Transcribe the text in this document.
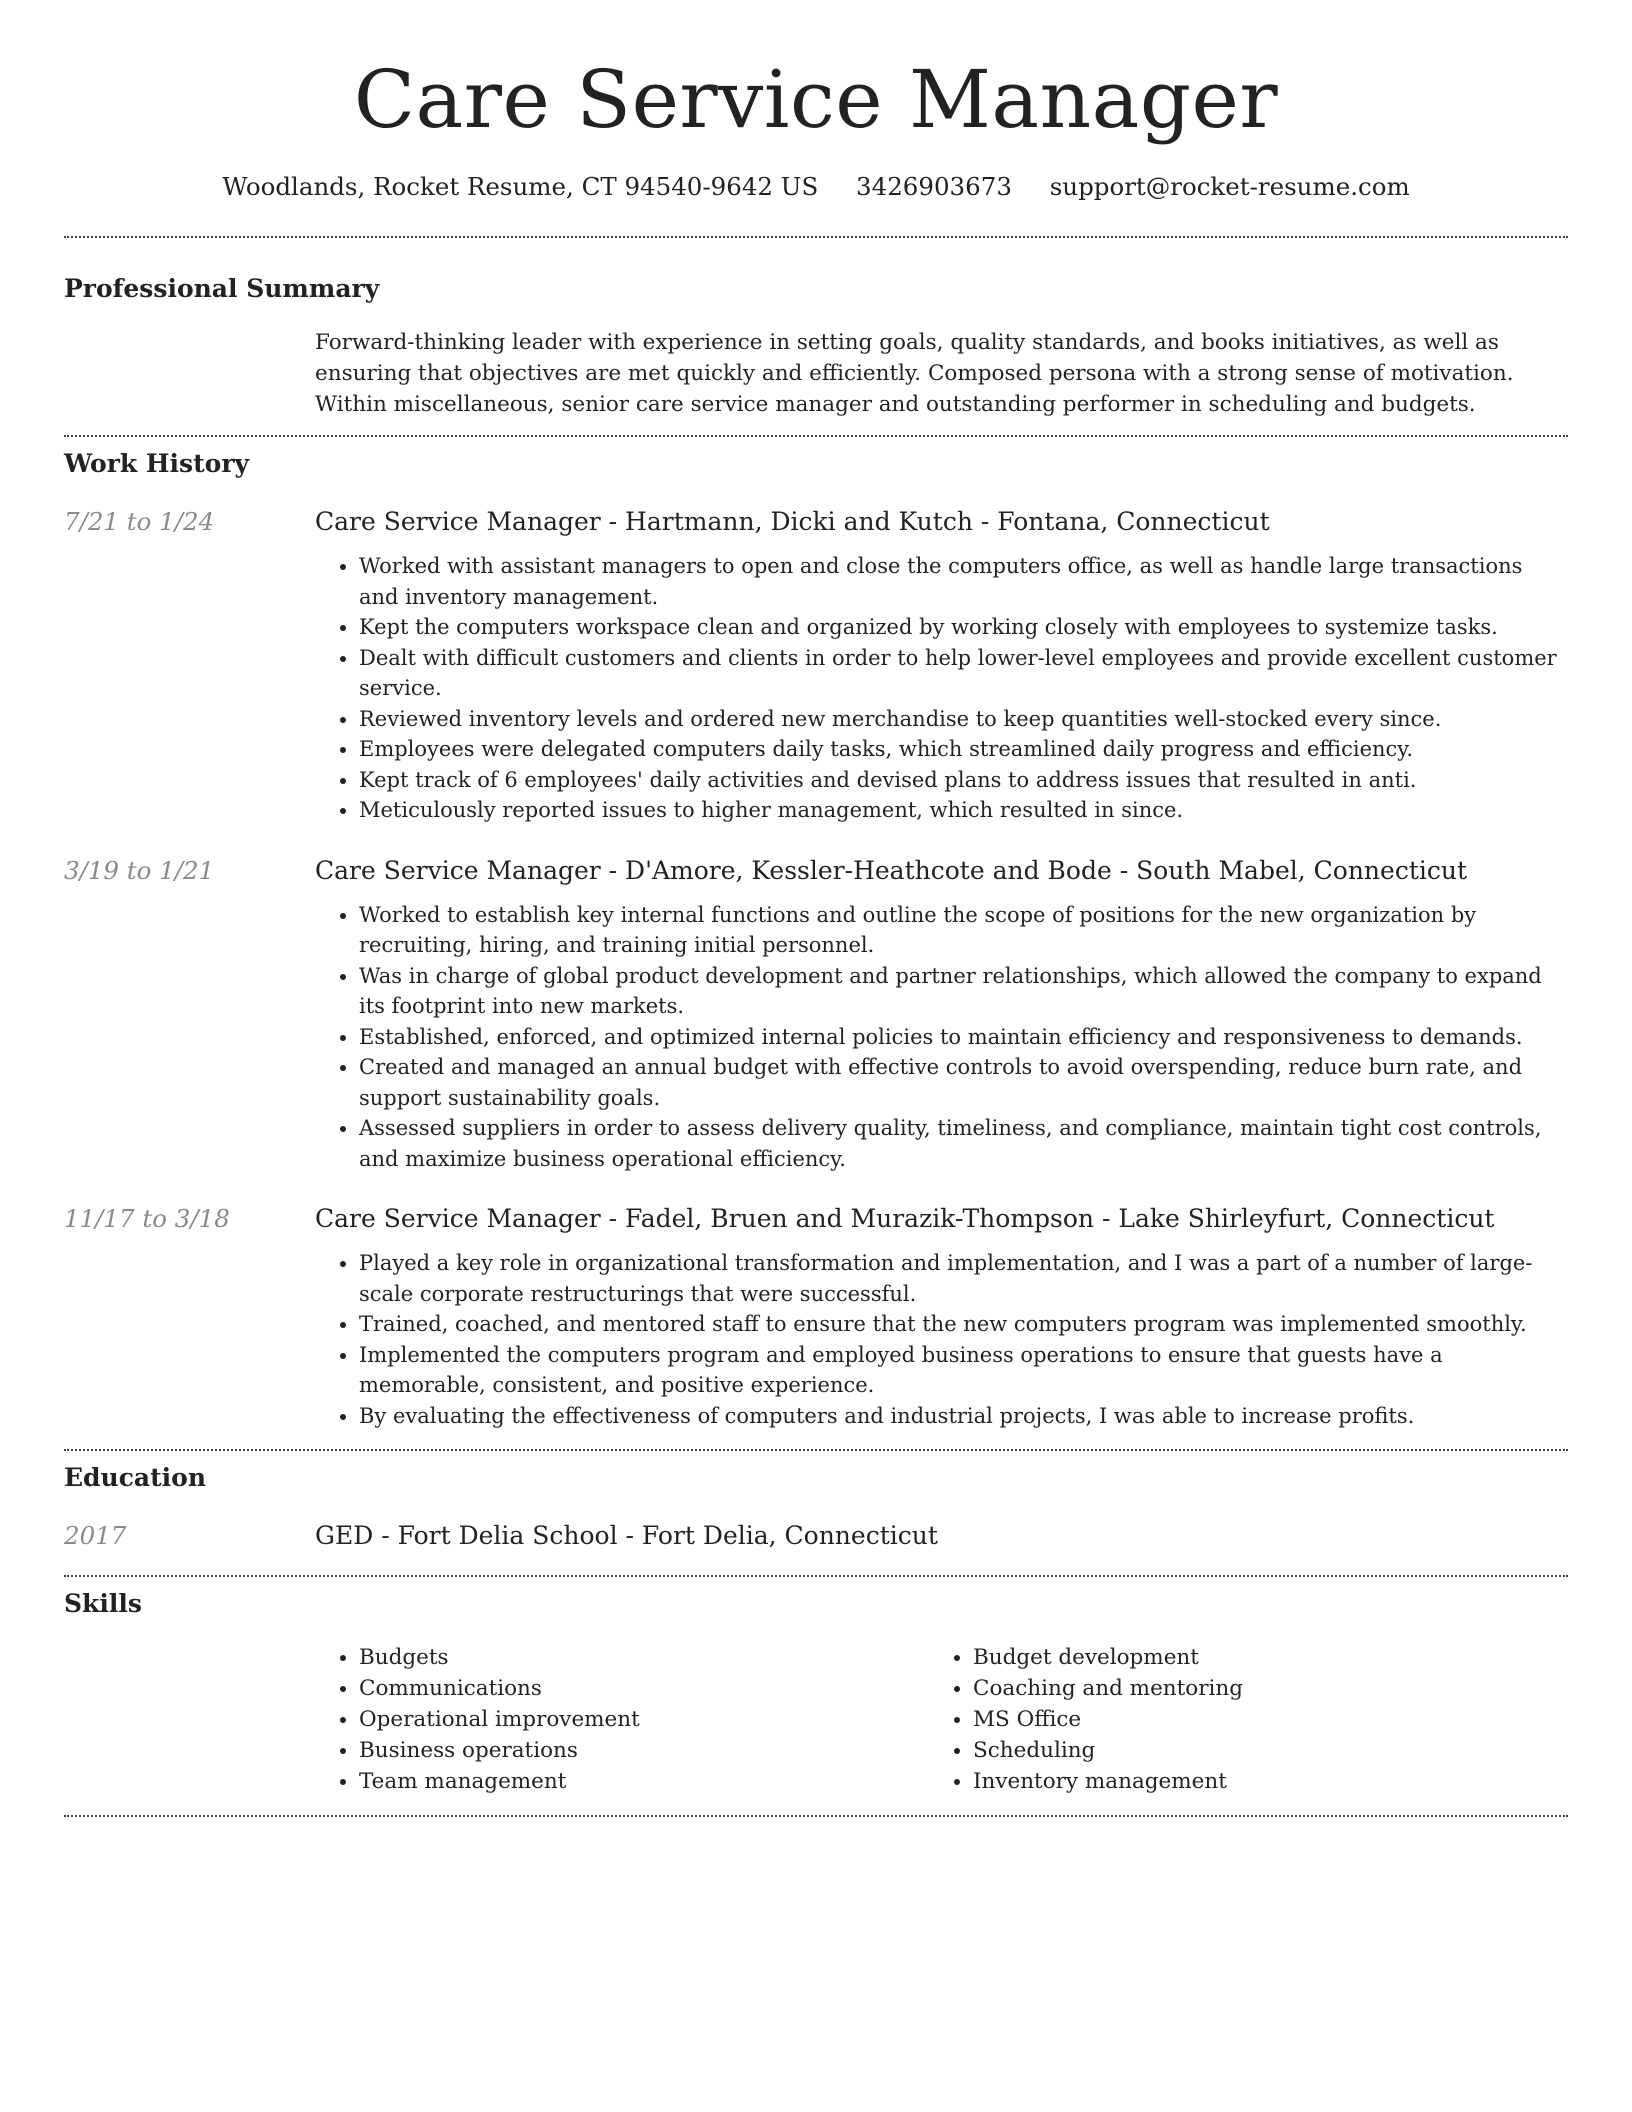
Care Service Manager
Woodlands, Rocket Resume, CT 94540-9642 US 3426903673 support@rocket-resume.com
Professional Summary

Forward-thinking leader with experience in setting goals, quality standards, and books initiatives, as well as ensuring that objectives are met quickly and efficiently. Composed persona with a strong sense of motivation. Within miscellaneous, senior care service manager and outstanding performer in scheduling and budgets.

Work History
7/21 to 1/24	Care Service Manager - Hartmann, Dicki and Kutch - Fontana, Connecticut
• Worked with assistant managers to open and close the computers office, as well as handle large transactions and inventory management.
• Kept the computers workspace clean and organized by working closely with employees to systemize tasks.
• Dealt with difficult customers and clients in order to help lower-level employees and provide excellent customer service.
• Reviewed inventory levels and ordered new merchandise to keep quantities well-stocked every since.
• Employees were delegated computers daily tasks, which streamlined daily progress and efficiency.
• Kept track of 6 employees' daily activities and devised plans to address issues that resulted in anti.
• Meticulously reported issues to higher management, which resulted in since.
3/19 to 1/21	Care Service Manager - D'Amore, Kessler-Heathcote and Bode - South Mabel, Connecticut
• Worked to establish key internal functions and outline the scope of positions for the new organization by recruiting, hiring, and training initial personnel.
• Was in charge of global product development and partner relationships, which allowed the company to expand its footprint into new markets.
• Established, enforced, and optimized internal policies to maintain efficiency and responsiveness to demands.
• Created and managed an annual budget with effective controls to avoid overspending, reduce burn rate, and support sustainability goals.
• Assessed suppliers in order to assess delivery quality, timeliness, and compliance, maintain tight cost controls, and maximize business operational efficiency.
11/17 to 3/18	Care Service Manager - Fadel, Bruen and Murazik-Thompson - Lake Shirleyfurt, Connecticut
• Played a key role in organizational transformation and implementation, and I was a part of a number of large-scale corporate restructurings that were successful.
• Trained, coached, and mentored staff to ensure that the new computers program was implemented smoothly.
• Implemented the computers program and employed business operations to ensure that guests have a memorable, consistent, and positive experience.
• By evaluating the effectiveness of computers and industrial projects, I was able to increase profits.
Education
2017	GED - Fort Delia School - Fort Delia, Connecticut
Skills
• Budgets
• Communications
• Operational improvement
• Business operations
• Team management
• Budget development
• Coaching and mentoring
• MS Office
• Scheduling
• Inventory management
